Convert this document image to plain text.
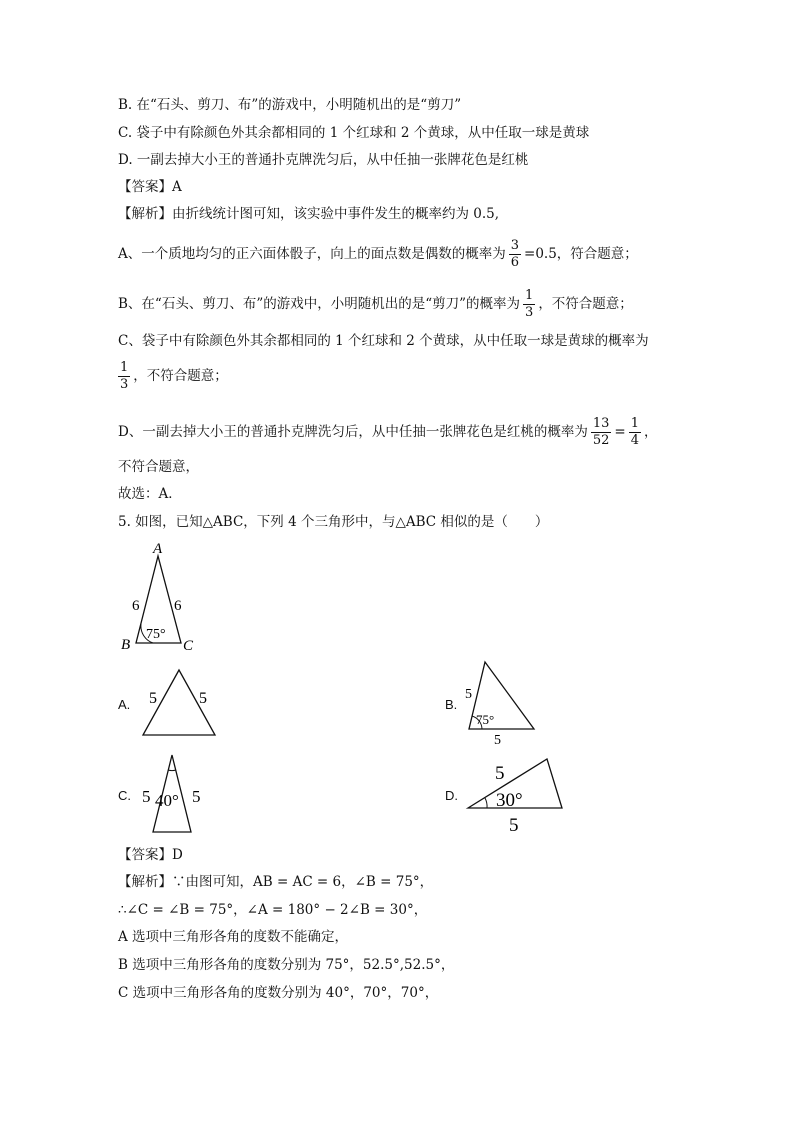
B. 在“石头、剪刀、布”的游戏中，小明随机出的是“剪刀”
C. 袋子中有除颜色外其余都相同的 1 个红球和 2 个黄球，从中任取一球是黄球
D. 一副去掉大小王的普通扑克牌洗匀后，从中任抽一张牌花色是红桃
【答案】A
【解析】由折线统计图可知，该实验中事件发生的概率约为 0.5,
A、一个质地均匀的正六面体骰子，向上的面点数是偶数的概率为 $\frac{3}{6} =0.5$，符合题意；
B、在“石头、剪刀、布”的游戏中，小明随机出的是“剪刀”的概率为 $\frac{1}{3}$ ，不符合题意；
C、袋子中有除颜色外其余都相同的 1 个红球和 2 个黄球，从中任取一球是黄球的概率为
$\frac{1}{3}$ ，不符合题意；
D、一副去掉大小王的普通扑克牌洗匀后，从中任抽一张牌花色是红桃的概率为 $\frac{13}{52} = \frac{1}{4}$ ，
不符合题意，
故选：A．
5. 如图，已知△ABC，下列 4 个三角形中，与△ABC 相似的是（　　）
A
B	C
6 6
75°
A. 5	5	B.
5
75°
5
C. 5 5
40°	D.
5
30°
5
【答案】D
【解析】∵由图可知，AB = AC = 6，∠B = 75°，
∴∠C = ∠B = 75°，∠A = 180° − 2∠B = 30°，
A 选项中三角形各角的度数不能确定，
B 选项中三角形各角的度数分别为 75°，52.5°,52.5°，
C 选项中三角形各角的度数分别为 40°，70°，70°，
